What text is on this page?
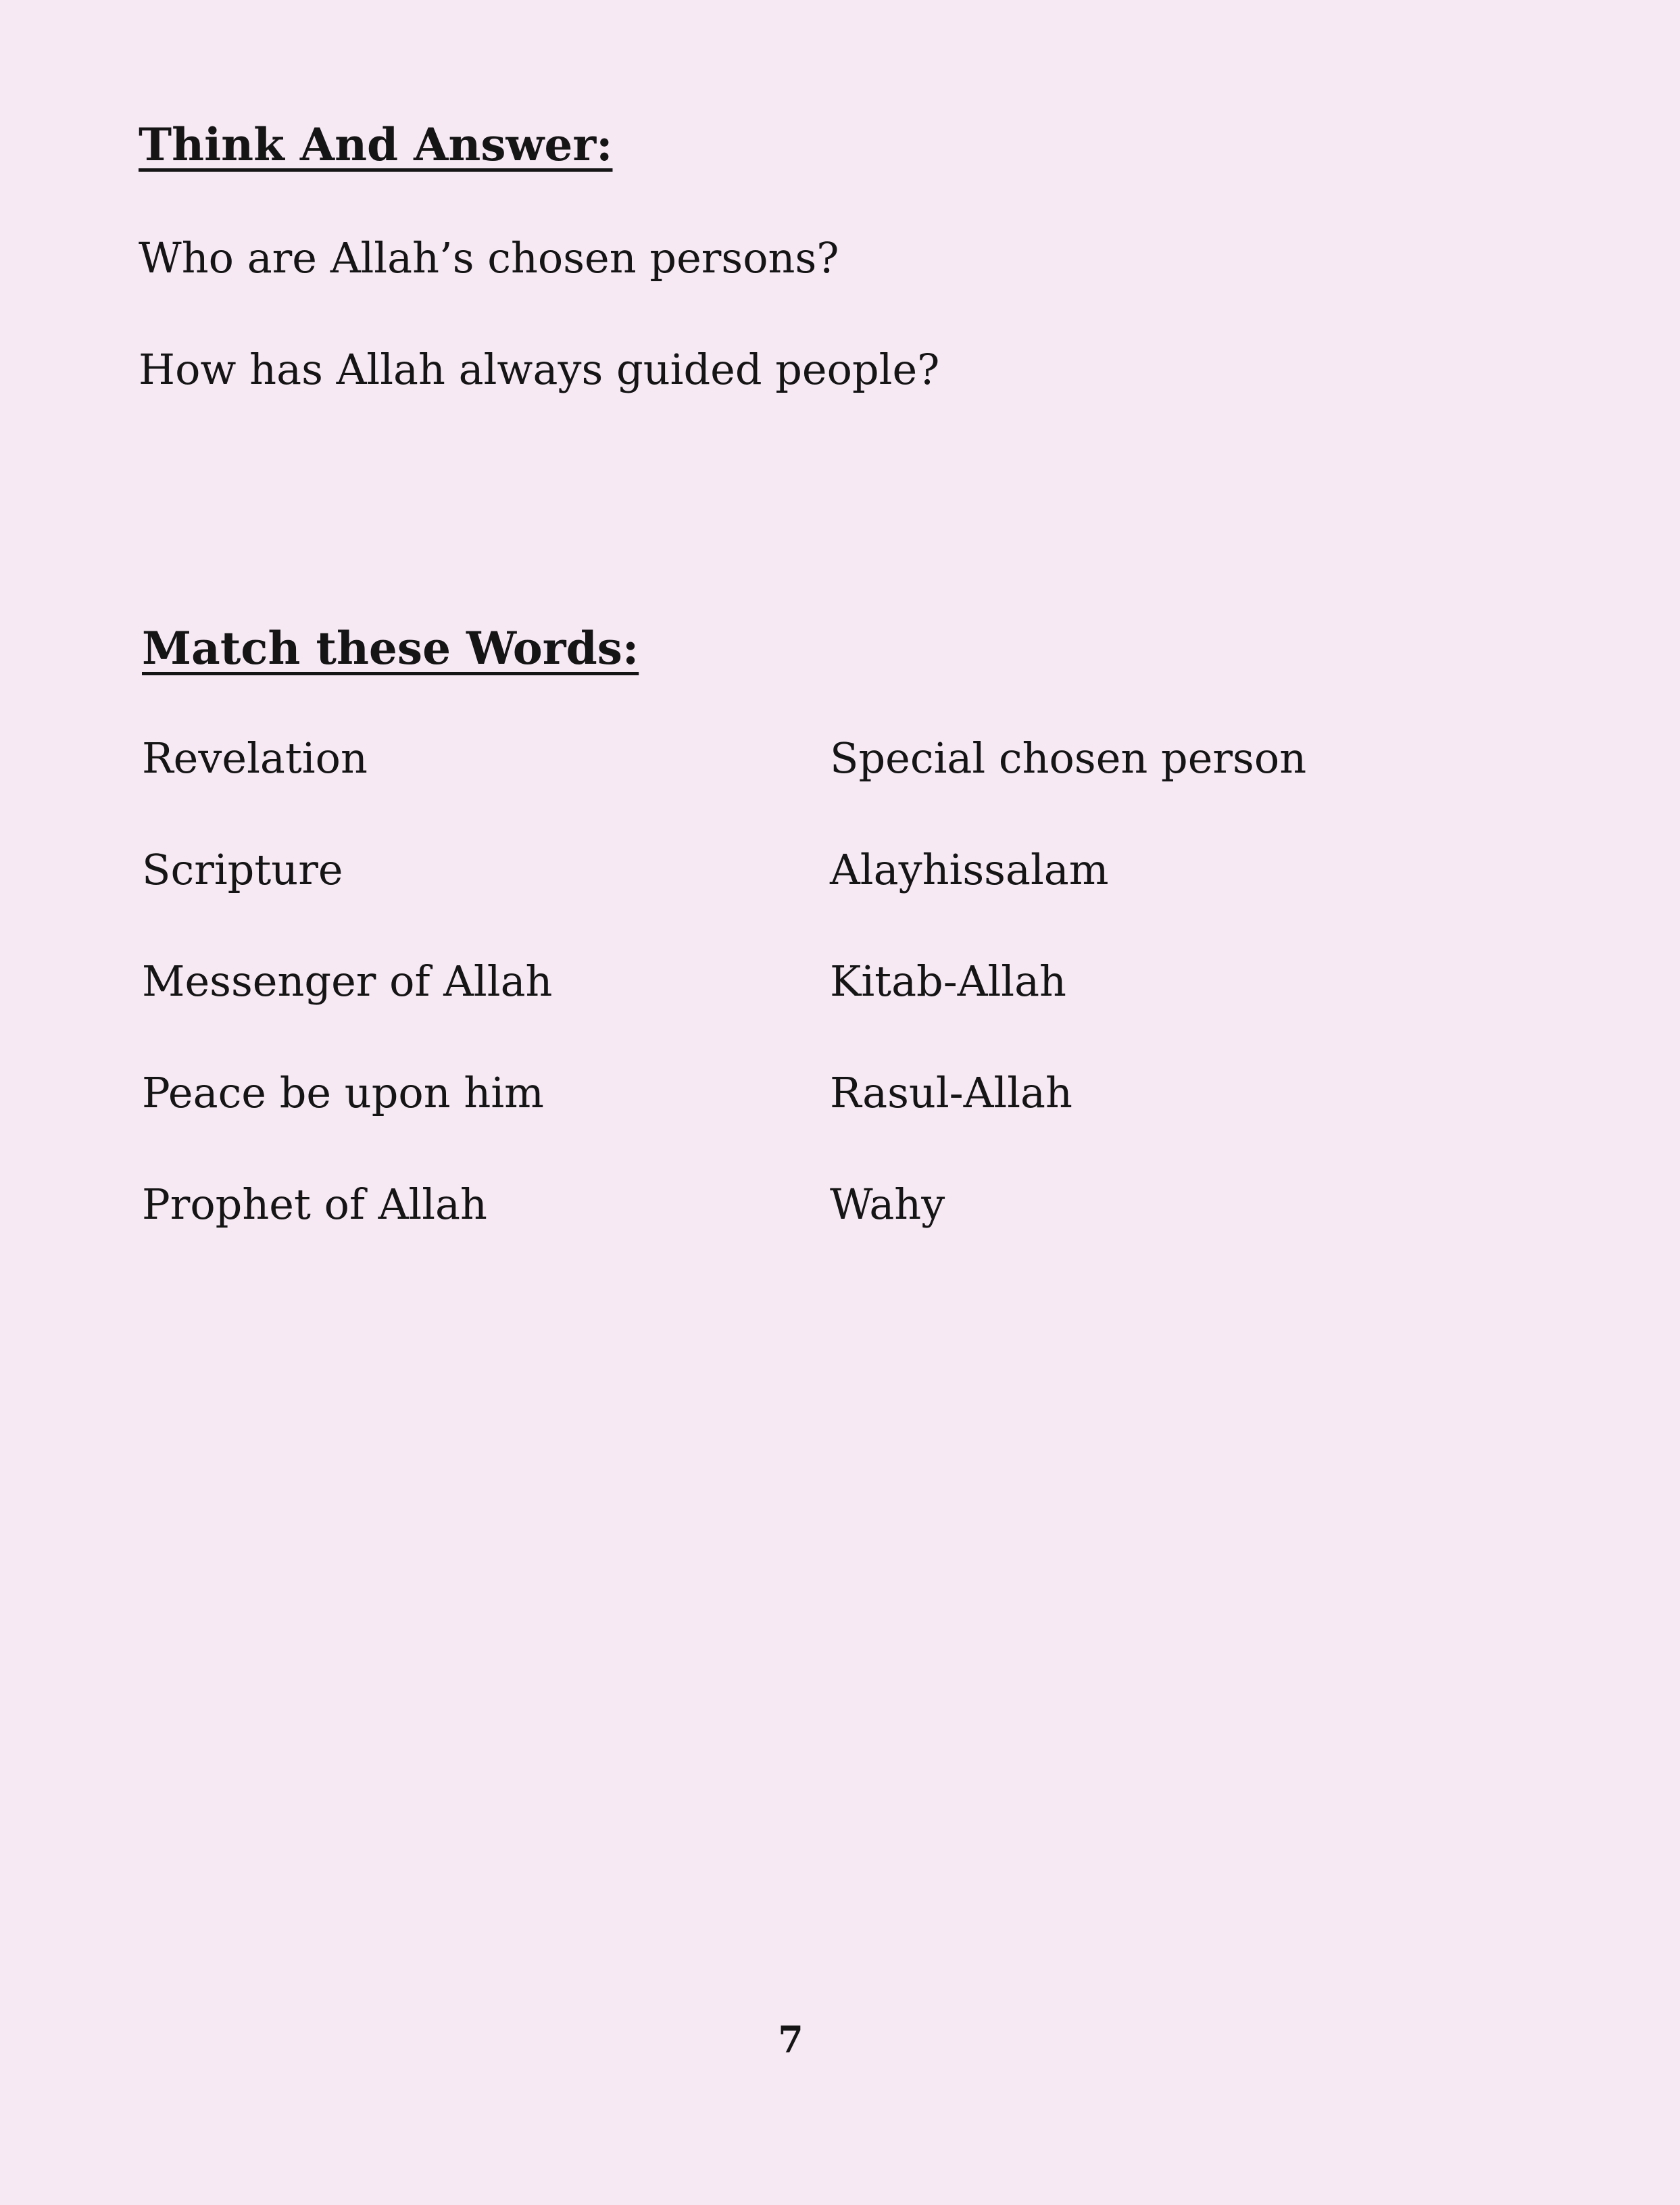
Think And Answer:
Who are Allah’s chosen persons?
How has Allah always guided people?
Match these Words:
Revelation	Special chosen person
Scripture	Alayhissalam
Messenger of Allah	Kitab-Allah
Peace be upon him	Rasul-Allah
Prophet of Allah	Wahy
7
